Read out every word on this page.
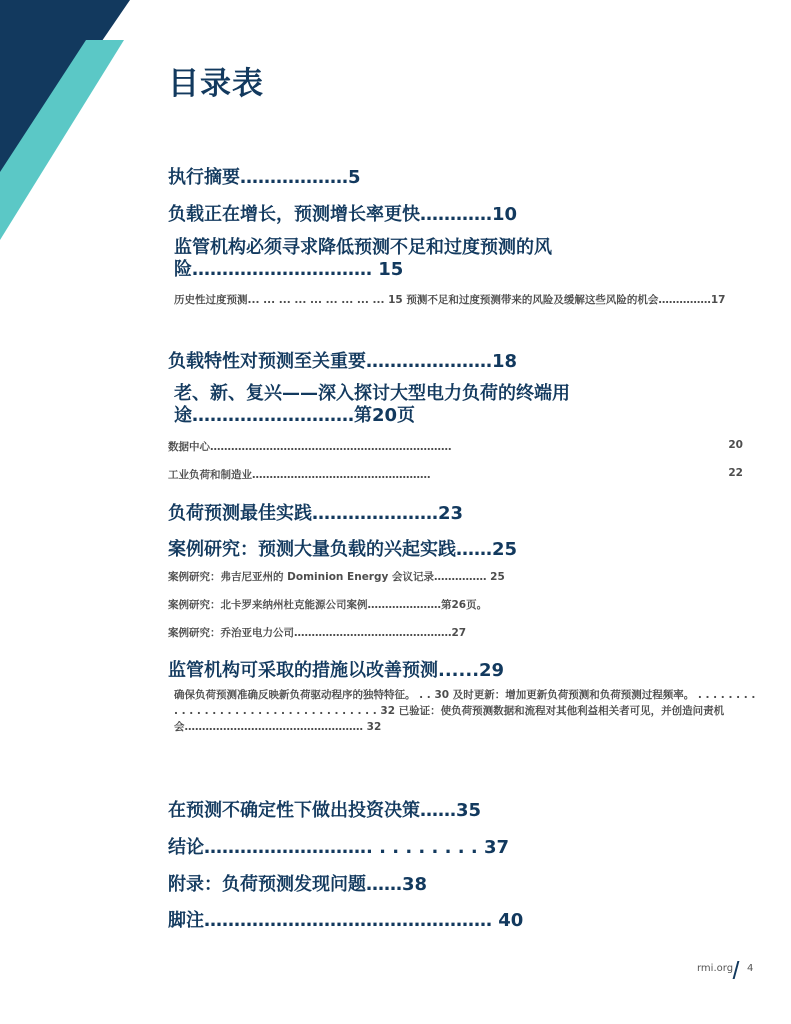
目录表
执行摘要………………5
负载正在增长，预测增长率更快…………10
监管机构必须寻求降低预测不足和过度预测的风险………………………… 15
历史性过度预测... ... ... ... ... ... ... ... ... 15 预测不足和过度预测带来的风险及缓解这些风险的机会……………17
负载特性对预测至关重要…………………18
老、新、复兴——深入探讨大型电力负荷的终端用途………………………第20页
数据中心……………………………………………………………	20
工业负荷和制造业……………………………………………	22
负荷预测最佳实践…………………23
案例研究：预测大量负载的兴起实践……25
案例研究：弗吉尼亚州的 Dominion Energy 会议记录…………… 25
案例研究：北卡罗来纳州杜克能源公司案例…………………第26页。
案例研究：乔治亚电力公司………………………………………27
监管机构可采取的措施以改善预测......29
确保负荷预测准确反映新负荷驱动程序的独特特征。 . . 30 及时更新：增加更新负荷预测和负荷预测过程频率。 . . . . . . . . . . . . . . . . . . . . . . . . . . . . . . . . . . . 32 已验证：使负荷预测数据和流程对其他利益相关者可见，并创造问责机会…………………………………………… 32
在预测不确定性下做出投资决策……35
结论………………………. . . . . . . . . 37
附录：负荷预测发现问题……38
脚注………………………………………… 40
rmi.org 4
